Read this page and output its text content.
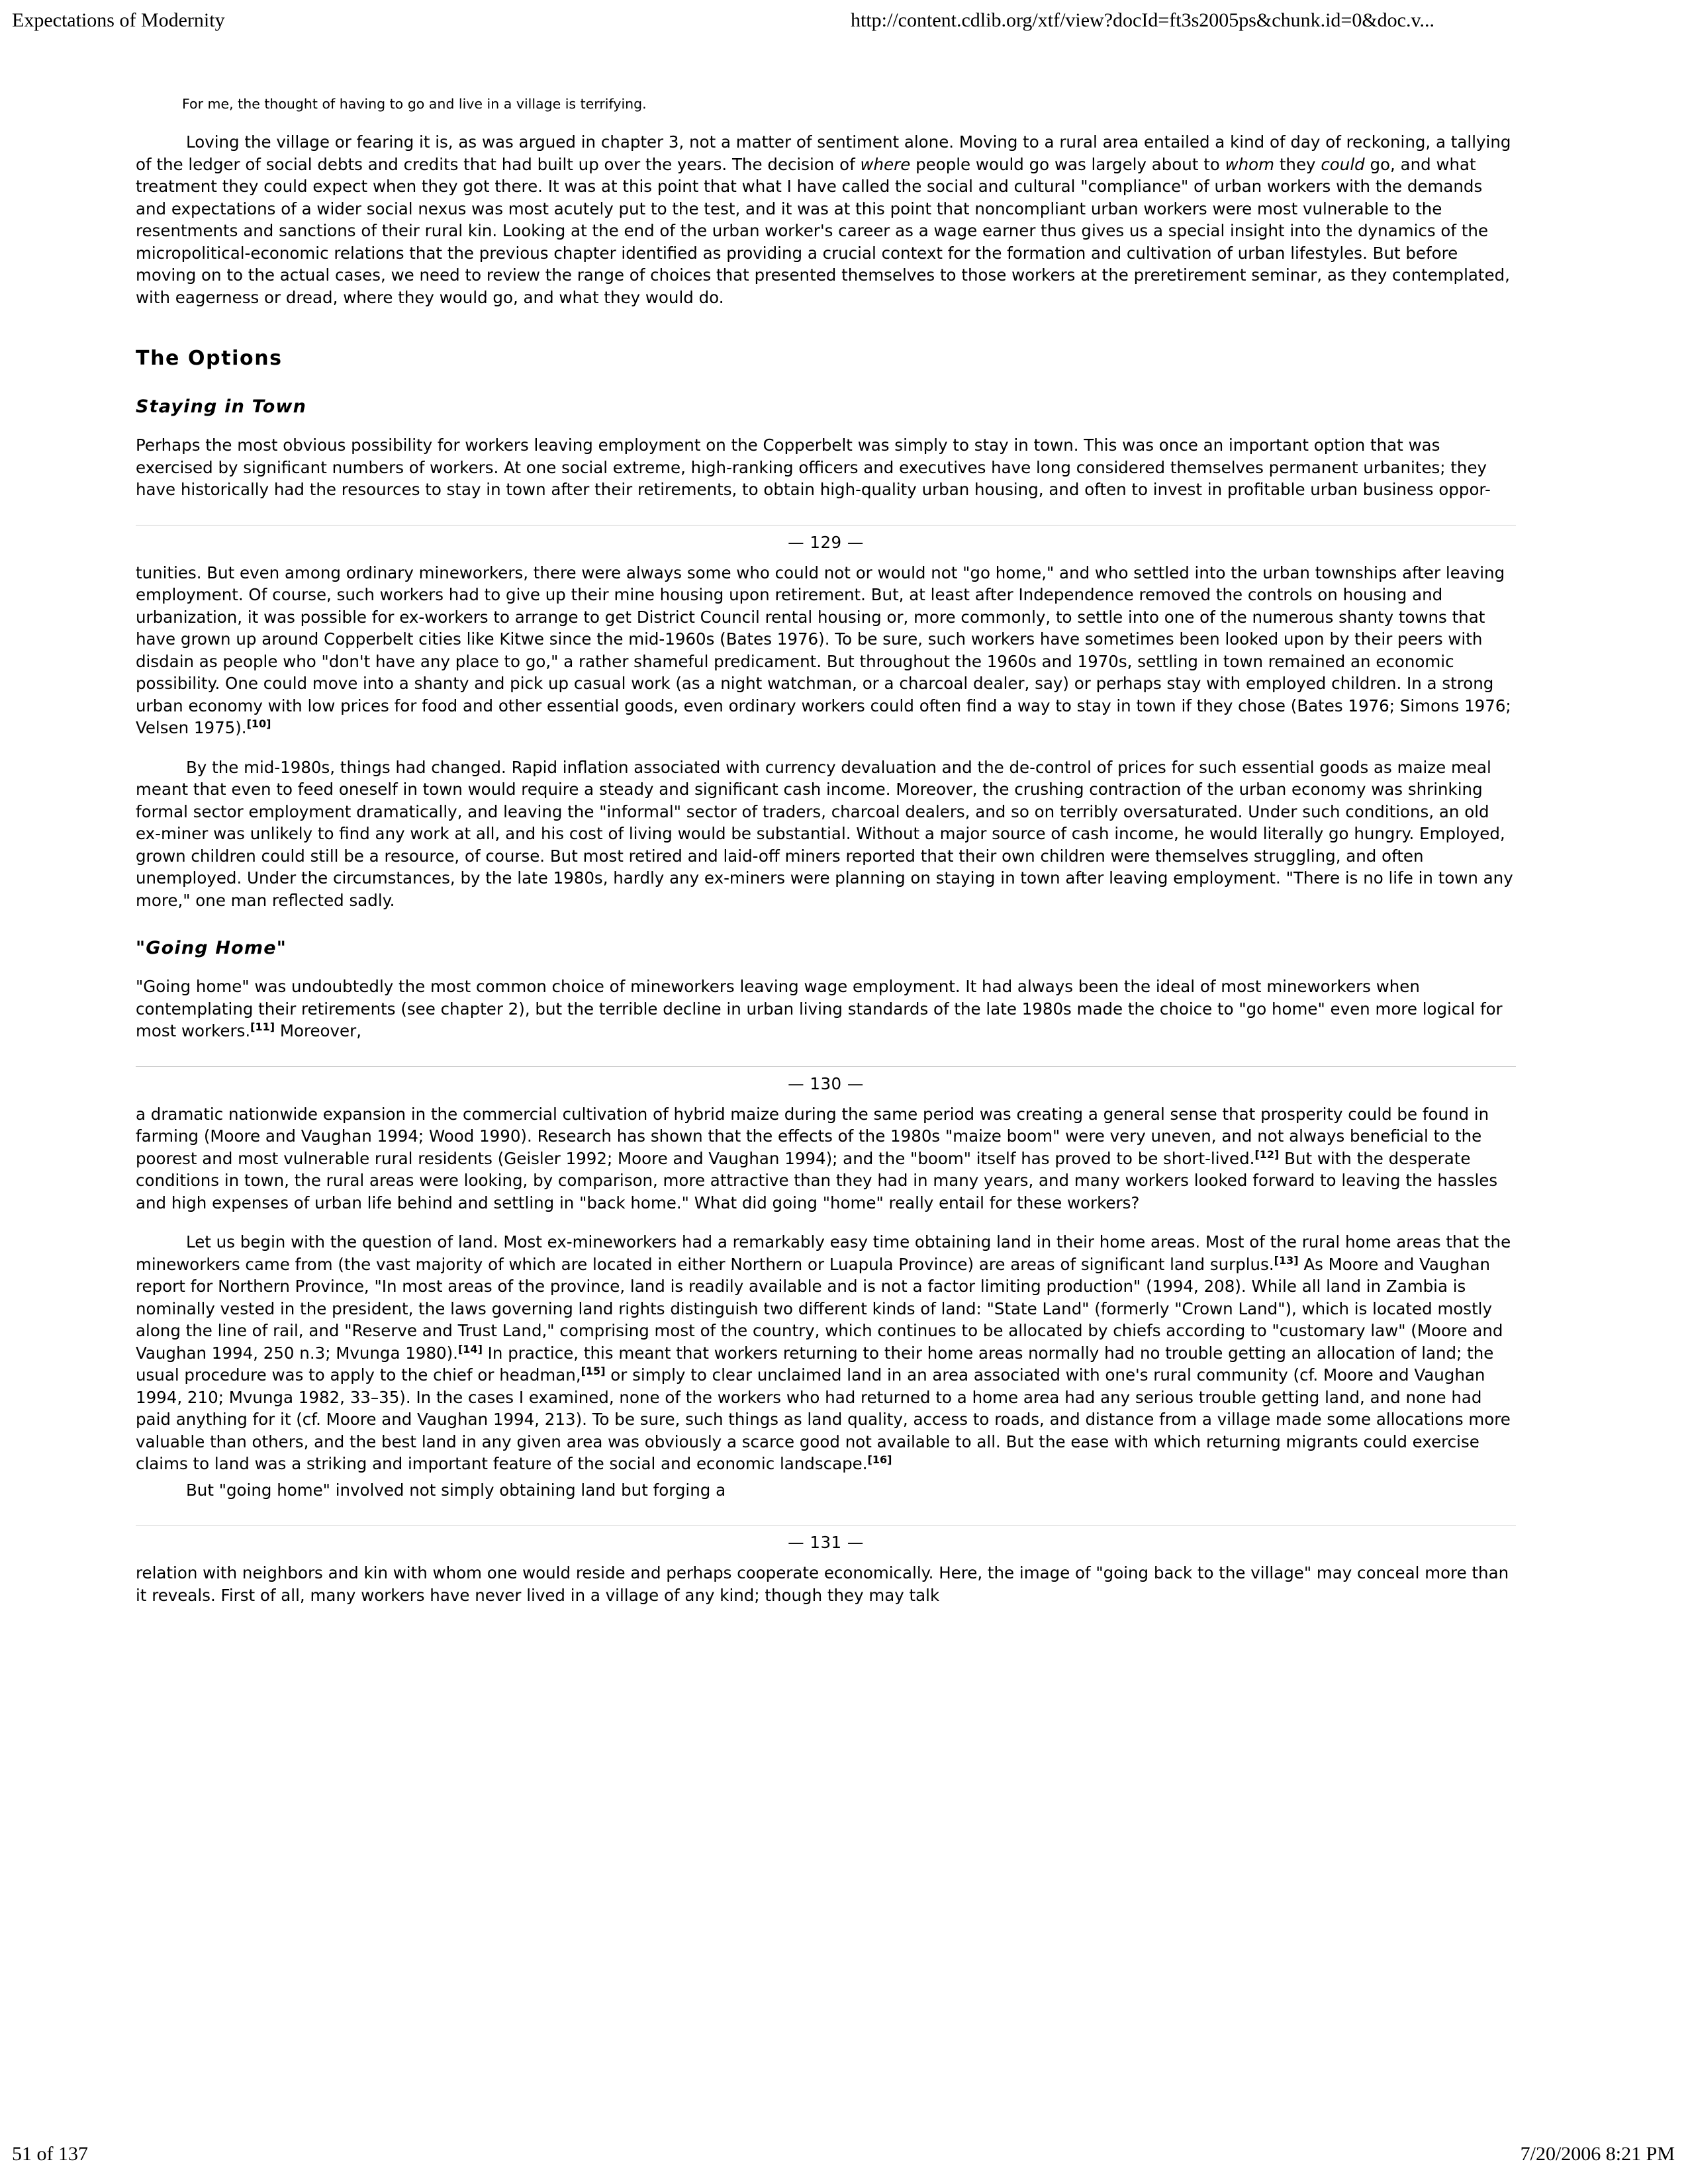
Expectations of Modernity	http://content.cdlib.org/xtf/view?docId=ft3s2005ps&chunk.id=0&doc.v...

For me, the thought of having to go and live in a village is terrifying.

Loving the village or fearing it is, as was argued in chapter 3, not a matter of sentiment alone. Moving to a rural area entailed a kind of day of reckoning, a tallying of the ledger of social debts and credits that had built up over the years. The decision of where people would go was largely about to whom they could go, and what treatment they could expect when they got there. It was at this point that what I have called the social and cultural "compliance" of urban workers with the demands and expectations of a wider social nexus was most acutely put to the test, and it was at this point that noncompliant urban workers were most vulnerable to the resentments and sanctions of their rural kin. Looking at the end of the urban worker's career as a wage earner thus gives us a special insight into the dynamics of the micropolitical-economic relations that the previous chapter identified as providing a crucial context for the formation and cultivation of urban lifestyles. But before moving on to the actual cases, we need to review the range of choices that presented themselves to those workers at the preretirement seminar, as they contemplated, with eagerness or dread, where they would go, and what they would do.

The Options
Staying in Town

Perhaps the most obvious possibility for workers leaving employment on the Copperbelt was simply to stay in town. This was once an important option that was exercised by significant numbers of workers. At one social extreme, high-ranking officers and executives have long considered themselves permanent urbanites; they have historically had the resources to stay in town after their retirements, to obtain high-quality urban housing, and often to invest in profitable urban business oppor-

— 129 —

tunities. But even among ordinary mineworkers, there were always some who could not or would not "go home," and who settled into the urban townships after leaving employment. Of course, such workers had to give up their mine housing upon retirement. But, at least after Independence removed the controls on housing and urbanization, it was possible for ex-workers to arrange to get District Council rental housing or, more commonly, to settle into one of the numerous shanty towns that have grown up around Copperbelt cities like Kitwe since the mid-1960s (Bates 1976). To be sure, such workers have sometimes been looked upon by their peers with disdain as people who "don't have any place to go," a rather shameful predicament. But throughout the 1960s and 1970s, settling in town remained an economic possibility. One could move into a shanty and pick up casual work (as a night watchman, or a charcoal dealer, say) or perhaps stay with employed children. In a strong urban economy with low prices for food and other essential goods, even ordinary workers could often find a way to stay in town if they chose (Bates 1976; Simons 1976; Velsen 1975).[10]

By the mid-1980s, things had changed. Rapid inflation associated with currency devaluation and the de-control of prices for such essential goods as maize meal meant that even to feed oneself in town would require a steady and significant cash income. Moreover, the crushing contraction of the urban economy was shrinking formal sector employment dramatically, and leaving the "informal" sector of traders, charcoal dealers, and so on terribly oversaturated. Under such conditions, an old ex-miner was unlikely to find any work at all, and his cost of living would be substantial. Without a major source of cash income, he would literally go hungry. Employed, grown children could still be a resource, of course. But most retired and laid-off miners reported that their own children were themselves struggling, and often unemployed. Under the circumstances, by the late 1980s, hardly any ex-miners were planning on staying in town after leaving employment. "There is no life in town any more," one man reflected sadly.

"Going Home"

"Going home" was undoubtedly the most common choice of mineworkers leaving wage employment. It had always been the ideal of most mineworkers when contemplating their retirements (see chapter 2), but the terrible decline in urban living standards of the late 1980s made the choice to "go home" even more logical for most workers.[11] Moreover,

— 130 —

a dramatic nationwide expansion in the commercial cultivation of hybrid maize during the same period was creating a general sense that prosperity could be found in farming (Moore and Vaughan 1994; Wood 1990). Research has shown that the effects of the 1980s "maize boom" were very uneven, and not always beneficial to the poorest and most vulnerable rural residents (Geisler 1992; Moore and Vaughan 1994); and the "boom" itself has proved to be short-lived.[12] But with the desperate conditions in town, the rural areas were looking, by comparison, more attractive than they had in many years, and many workers looked forward to leaving the hassles and high expenses of urban life behind and settling in "back home." What did going "home" really entail for these workers?

Let us begin with the question of land. Most ex-mineworkers had a remarkably easy time obtaining land in their home areas. Most of the rural home areas that the mineworkers came from (the vast majority of which are located in either Northern or Luapula Province) are areas of significant land surplus.[13] As Moore and Vaughan report for Northern Province, "In most areas of the province, land is readily available and is not a factor limiting production" (1994, 208). While all land in Zambia is nominally vested in the president, the laws governing land rights distinguish two different kinds of land: "State Land" (formerly "Crown Land"), which is located mostly along the line of rail, and "Reserve and Trust Land," comprising most of the country, which continues to be allocated by chiefs according to "customary law" (Moore and Vaughan 1994, 250 n.3; Mvunga 1980).[14] In practice, this meant that workers returning to their home areas normally had no trouble getting an allocation of land; the usual procedure was to apply to the chief or headman,[15] or simply to clear unclaimed land in an area associated with one's rural community (cf. Moore and Vaughan 1994, 210; Mvunga 1982, 33–35). In the cases I examined, none of the workers who had returned to a home area had any serious trouble getting land, and none had paid anything for it (cf. Moore and Vaughan 1994, 213). To be sure, such things as land quality, access to roads, and distance from a village made some allocations more valuable than others, and the best land in any given area was obviously a scarce good not available to all. But the ease with which returning migrants could exercise claims to land was a striking and important feature of the social and economic landscape.[16]

But "going home" involved not simply obtaining land but forging a

— 131 —

relation with neighbors and kin with whom one would reside and perhaps cooperate economically. Here, the image of "going back to the village" may conceal more than it reveals. First of all, many workers have never lived in a village of any kind; though they may talk

51 of 137	7/20/2006 8:21 PM
